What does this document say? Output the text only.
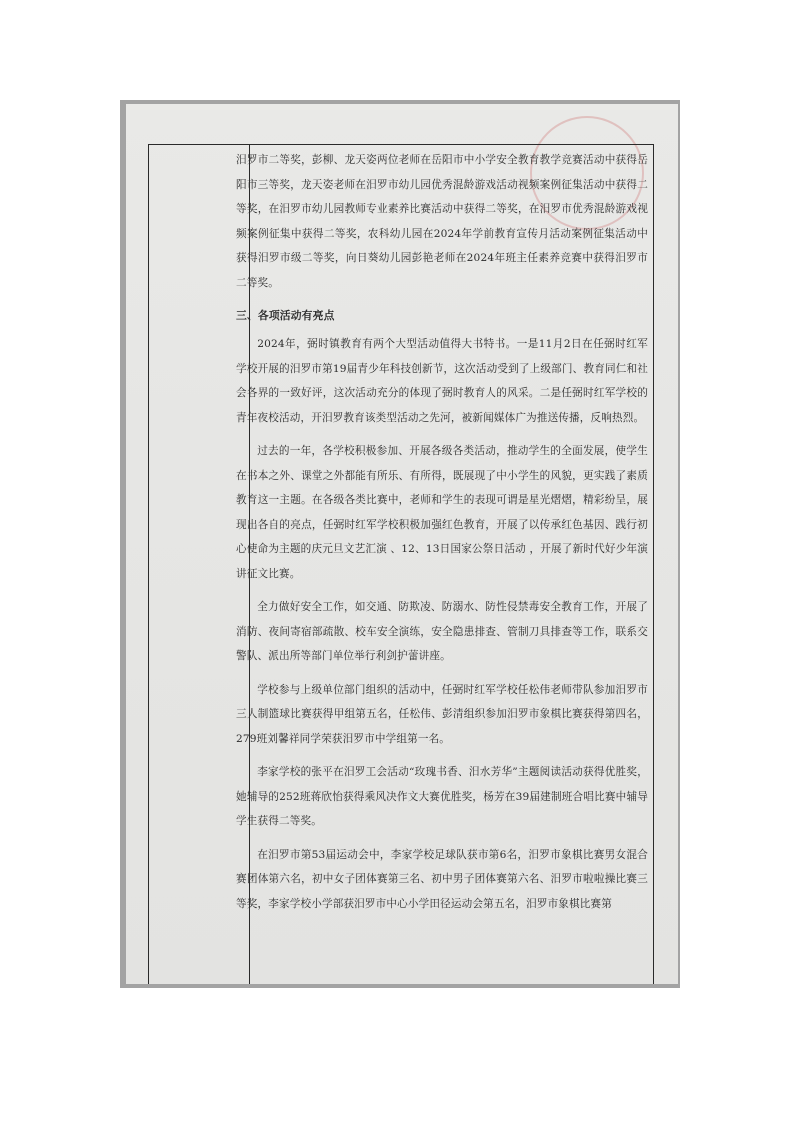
汨罗市二等奖，彭柳、龙天姿两位老师在岳阳市中小学安全教育教学竞赛活动中获得岳阳市三等奖，龙天姿老师在汨罗市幼儿园优秀混龄游戏活动视频案例征集活动中获得二等奖，在汨罗市幼儿园教师专业素养比赛活动中获得二等奖，在汨罗市优秀混龄游戏视频案例征集中获得二等奖，农科幼儿园在2024年学前教育宣传月活动案例征集活动中获得汨罗市级二等奖，向日葵幼儿园彭艳老师在2024年班主任素养竞赛中获得汨罗市二等奖。

三、各项活动有亮点

2024年，弼时镇教育有两个大型活动值得大书特书。一是11月2日在任弼时红军学校开展的汨罗市第19届青少年科技创新节，这次活动受到了上级部门、教育同仁和社会各界的一致好评，这次活动充分的体现了弼时教育人的风采。二是任弼时红军学校的青年夜校活动，开汨罗教育该类型活动之先河，被新闻媒体广为推送传播，反响热烈。

过去的一年，各学校积极参加、开展各级各类活动，推动学生的全面发展，使学生在书本之外、课堂之外都能有所乐、有所得，既展现了中小学生的风貌，更实践了素质教育这一主题。在各级各类比赛中，老师和学生的表现可谓是星光熠熠，精彩纷呈，展现出各自的亮点，任弼时红军学校积极加强红色教育，开展了以传承红色基因、践行初心使命为主题的庆元旦文艺汇演 、12、13日国家公祭日活动 ，开展了新时代好少年演讲征文比赛。

全力做好安全工作，如交通、防欺凌、防溺水、防性侵禁毒安全教育工作，开展了消防、夜间寄宿部疏散、校车安全演练，安全隐患排查、管制刀具排查等工作，联系交警队、派出所等部门单位举行利剑护蕾讲座。

学校参与上级单位部门组织的活动中，任弼时红军学校任松伟老师带队参加汨罗市三人制篮球比赛获得甲组第五名，任松伟、彭清组织参加汨罗市象棋比赛获得第四名，279班刘馨祥同学荣获汨罗市中学组第一名。

李家学校的张平在汨罗工会活动“玫瑰书香、汨水芳华”主题阅读活动获得优胜奖，她辅导的252班蒋欣怡获得乘风决作文大赛优胜奖，杨芳在39届建制班合唱比赛中辅导学生获得二等奖。

在汨罗市第53届运动会中，李家学校足球队获市第6名，汨罗市象棋比赛男女混合赛团体第六名，初中女子团体赛第三名、初中男子团体赛第六名、汨罗市啦啦操比赛三等奖，李家学校小学部获汨罗市中心小学田径运动会第五名，汨罗市象棋比赛第
